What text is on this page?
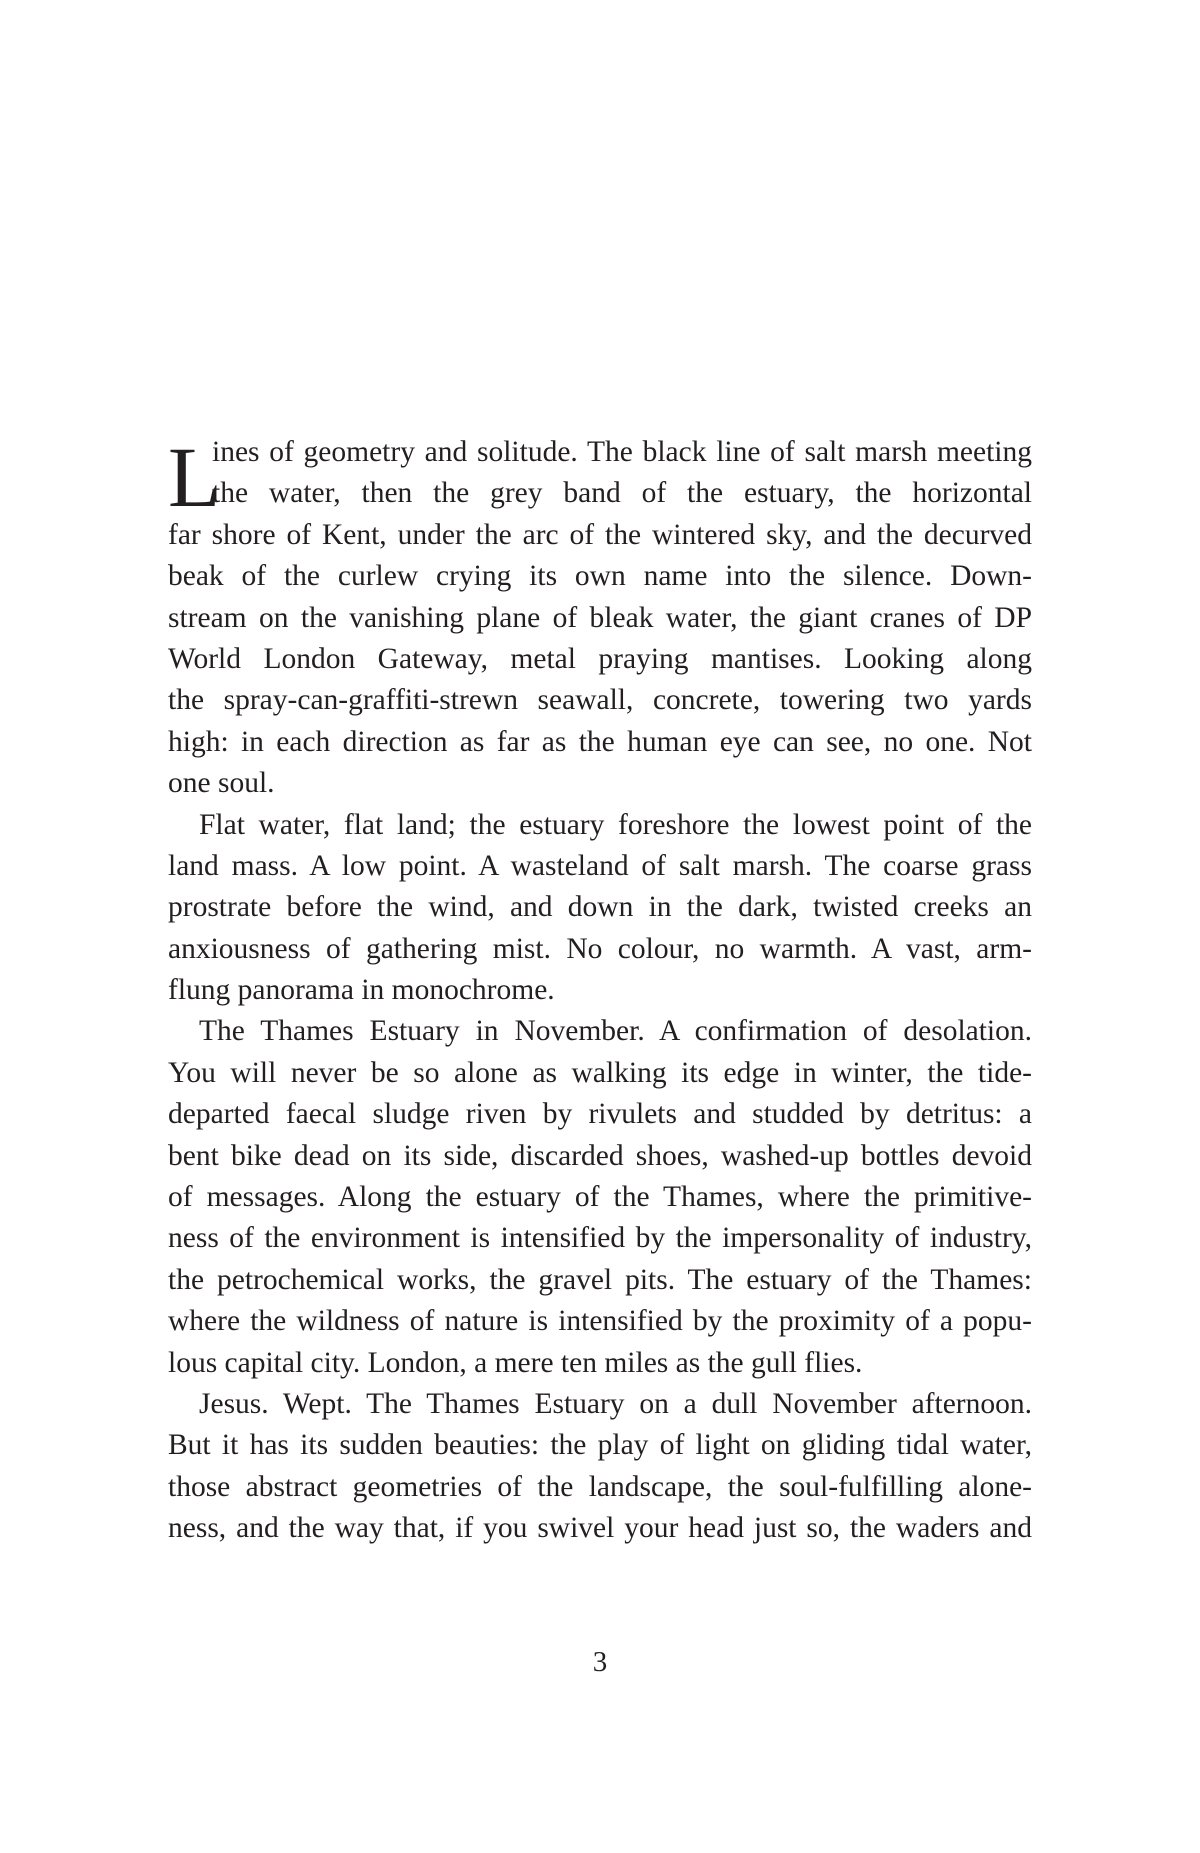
L
ines of geometry and solitude. The black line of salt marsh meeting
the water, then the grey band of the estuary, the horizontal
far shore of Kent, under the arc of the wintered sky, and the decurved
beak of the curlew crying its own name into the silence. Down-
stream on the vanishing plane of bleak water, the giant cranes of DP
World London Gateway, metal praying mantises. Looking along
the spray-can-graffiti-strewn seawall, concrete, towering two yards
high: in each direction as far as the human eye can see, no one. Not
one soul.
Flat water, flat land; the estuary foreshore the lowest point of the
land mass. A low point. A wasteland of salt marsh. The coarse grass
prostrate before the wind, and down in the dark, twisted creeks an
anxiousness of gathering mist. No colour, no warmth. A vast, arm-
flung panorama in monochrome.
The Thames Estuary in November. A confirmation of desolation.
You will never be so alone as walking its edge in winter, the tide-
departed faecal sludge riven by rivulets and studded by detritus: a
bent bike dead on its side, discarded shoes, washed-up bottles devoid
of messages. Along the estuary of the Thames, where the primitive-
ness of the environment is intensified by the impersonality of industry,
the petrochemical works, the gravel pits. The estuary of the Thames:
where the wildness of nature is intensified by the proximity of a popu-
lous capital city. London, a mere ten miles as the gull flies.
Jesus. Wept. The Thames Estuary on a dull November afternoon.
But it has its sudden beauties: the play of light on gliding tidal water,
those abstract geometries of the landscape, the soul-fulfilling alone-
ness, and the way that, if you swivel your head just so, the waders and
3
